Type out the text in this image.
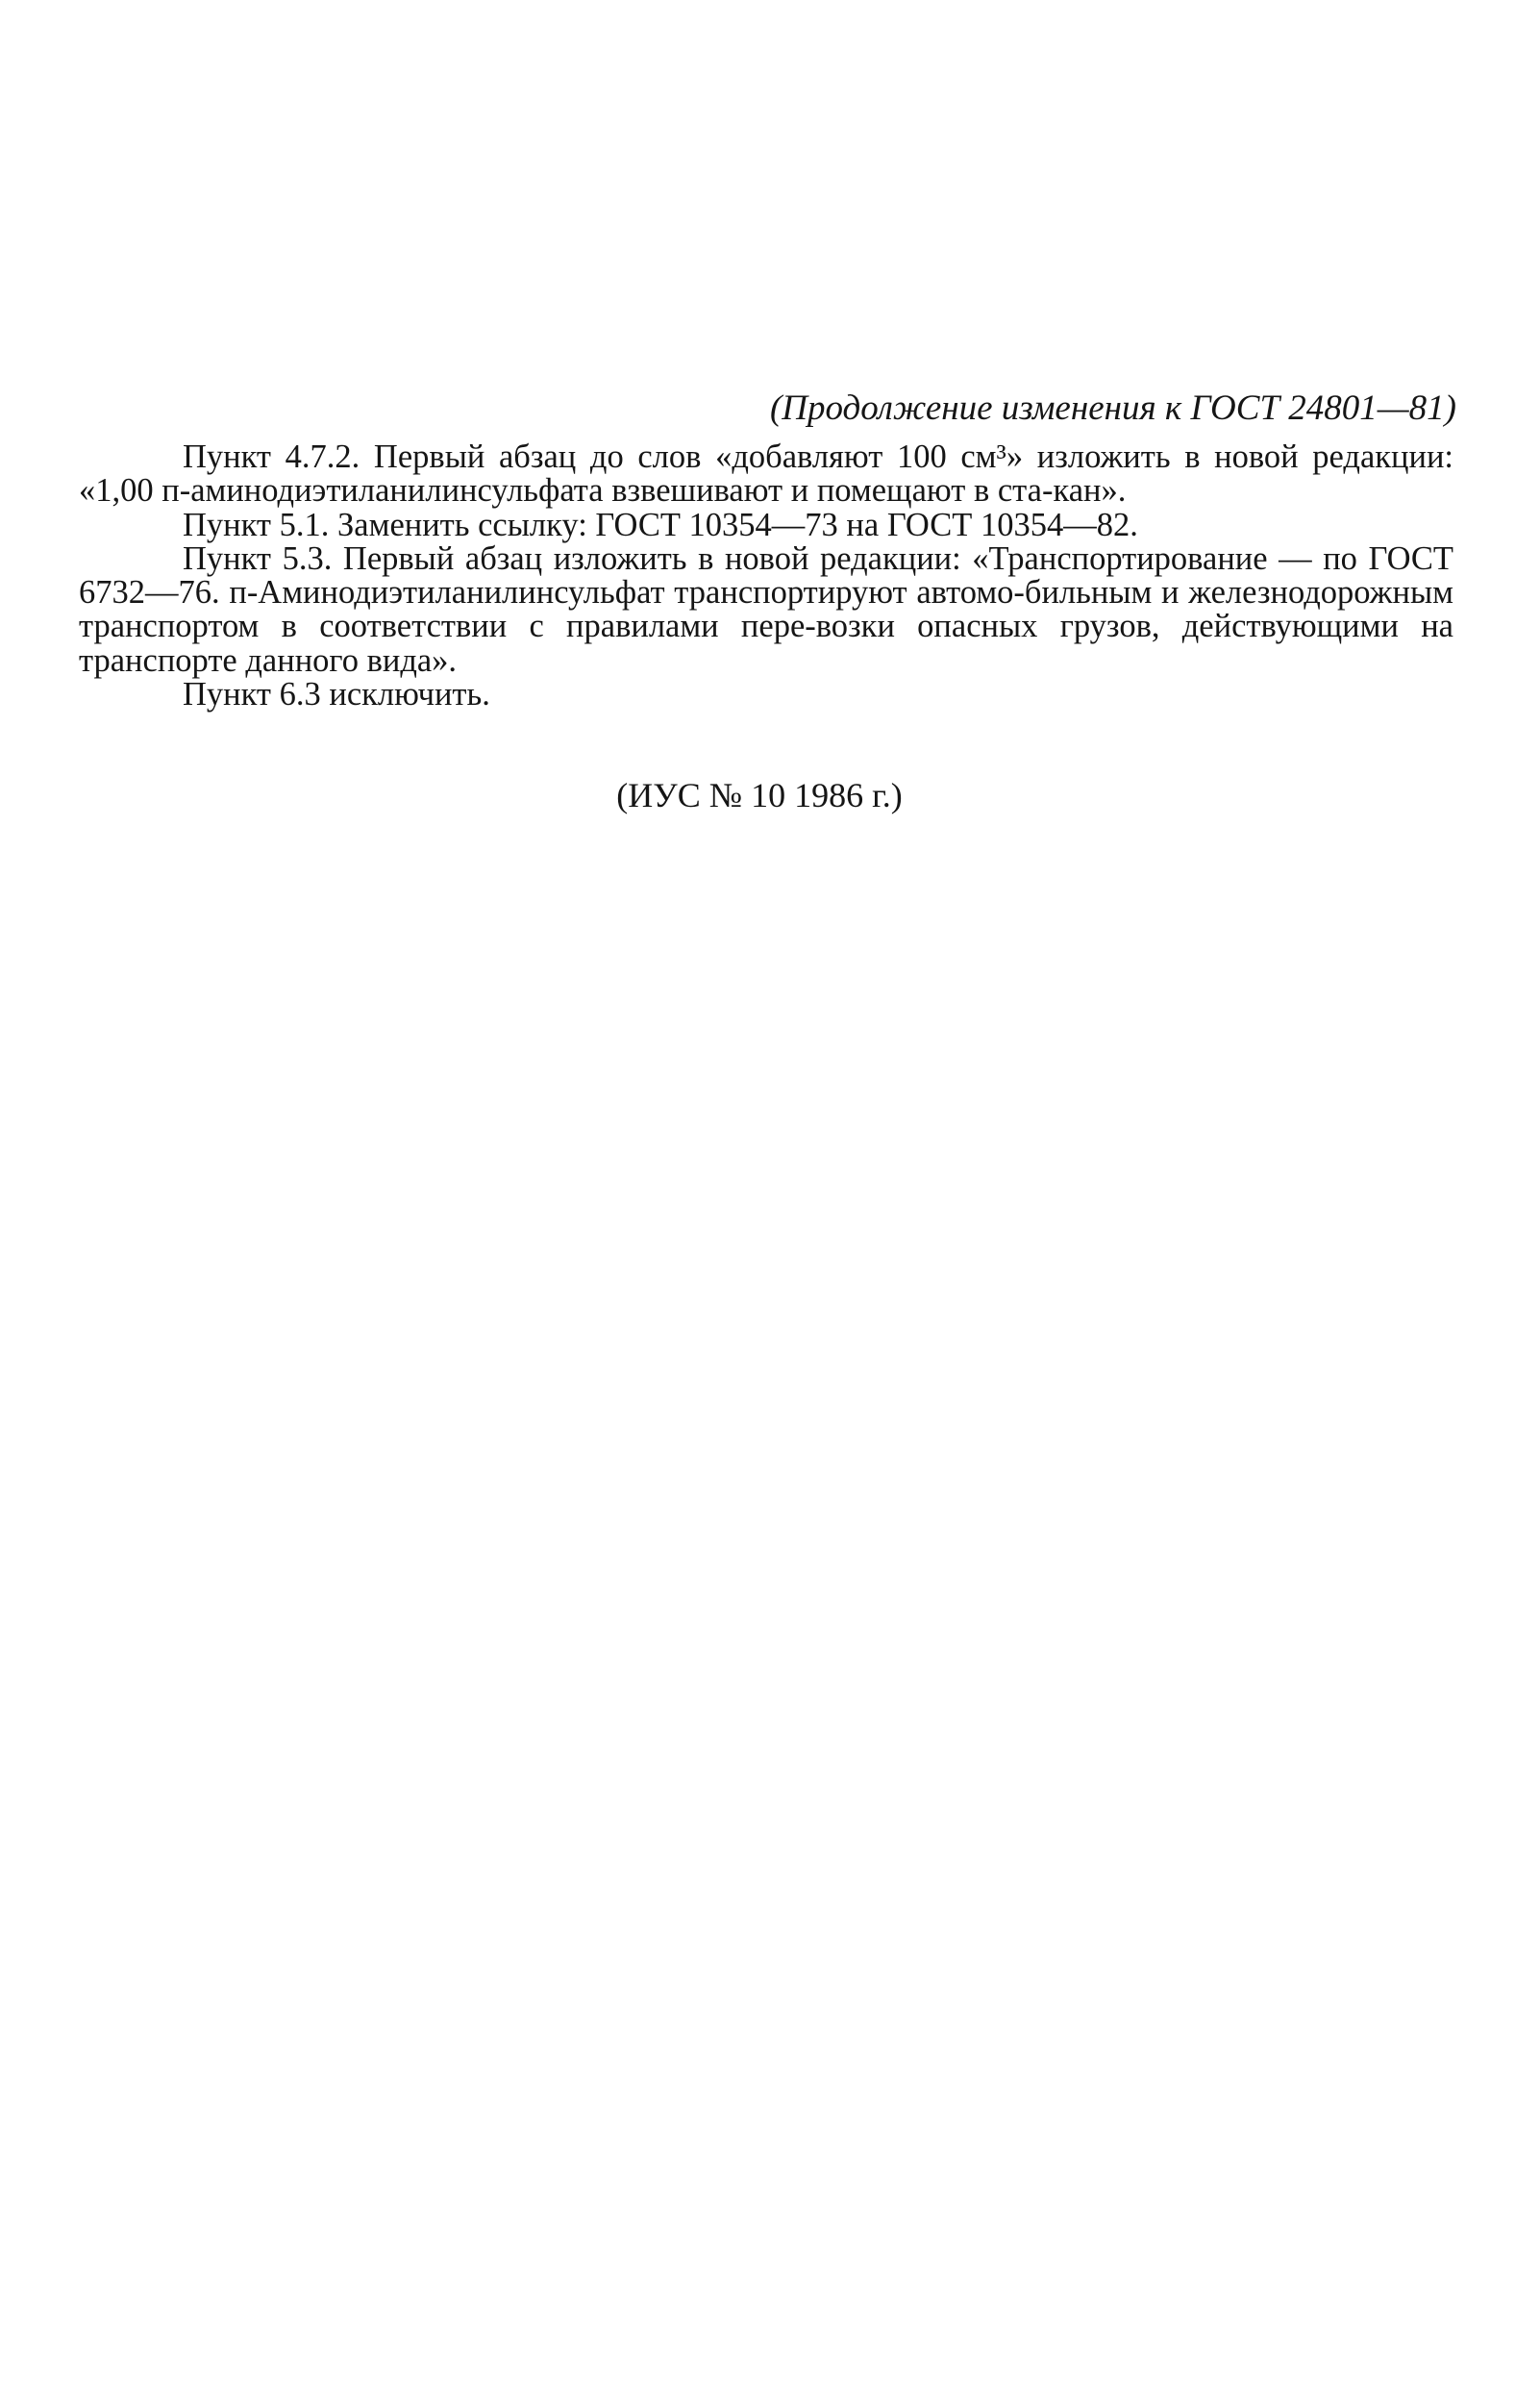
(Продолжение изменения к ГОСТ 24801—81)

Пункт 4.7.2. Первый абзац до слов «добавляют 100 см³» изложить в новой редакции: «1,00 п-аминодиэтиланилинсульфата взвешивают и помещают в ста-кан».

Пункт 5.1. Заменить ссылку: ГОСТ 10354—73 на ГОСТ 10354—82.

Пункт 5.3. Первый абзац изложить в новой редакции: «Транспортирование — по ГОСТ 6732—76. п-Аминодиэтиланилинсульфат транспортируют автомо-бильным и железнодорожным транспортом в соответствии с правилами пере-возки опасных грузов, действующими на транспорте данного вида».

Пункт 6.3 исключить.

(ИУС № 10 1986 г.)
